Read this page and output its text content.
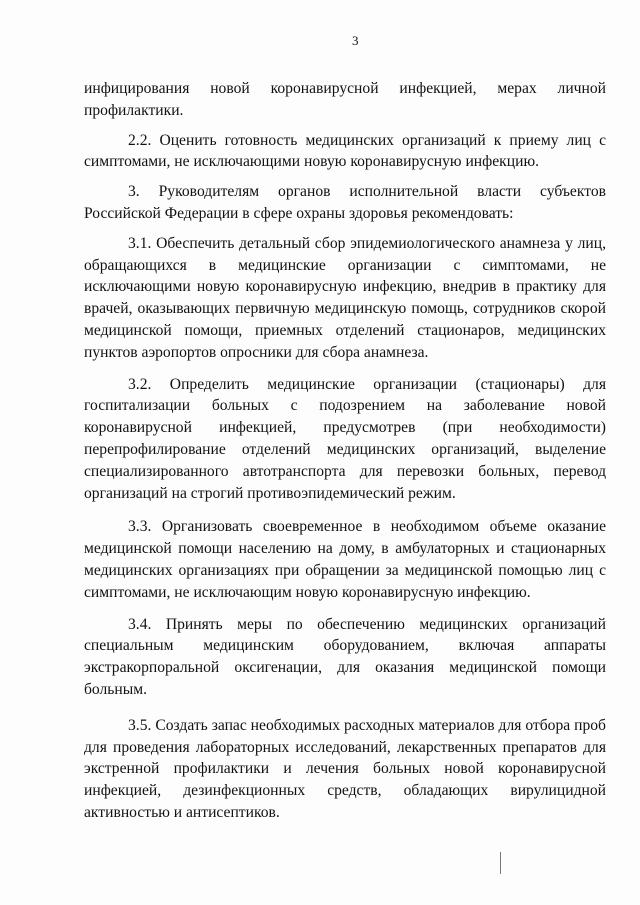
3

инфицирования новой коронавирусной инфекцией, мерах личной профилактики.

2.2. Оценить готовность медицинских организаций к приему лиц с симптомами, не исключающими новую коронавирусную инфекцию.

3. Руководителям органов исполнительной власти субъектов Российской Федерации в сфере охраны здоровья рекомендовать:

3.1. Обеспечить детальный сбор эпидемиологического анамнеза у лиц, обращающихся в медицинские организации с симптомами, не исключающими новую коронавирусную инфекцию, внедрив в практику для врачей, оказывающих первичную медицинскую помощь, сотрудников скорой медицинской помощи, приемных отделений стационаров, медицинских пунктов аэропортов опросники для сбора анамнеза.

3.2. Определить медицинские организации (стационары) для госпитализации больных с подозрением на заболевание новой коронавирусной инфекцией, предусмотрев (при необходимости) перепрофилирование отделений медицинских организаций, выделение специализированного автотранспорта для перевозки больных, перевод организаций на строгий противоэпидемический режим.

3.3. Организовать своевременное в необходимом объеме оказание медицинской помощи населению на дому, в амбулаторных и стационарных медицинских организациях при обращении за медицинской помощью лиц с симптомами, не исключающим новую коронавирусную инфекцию.

3.4. Принять меры по обеспечению медицинских организаций специальным медицинским оборудованием, включая аппараты экстракорпоральной оксигенации, для оказания медицинской помощи больным.

3.5. Создать запас необходимых расходных материалов для отбора проб для проведения лабораторных исследований, лекарственных препаратов для экстренной профилактики и лечения больных новой коронавирусной инфекцией, дезинфекционных средств, обладающих вирулицидной активностью и антисептиков.
